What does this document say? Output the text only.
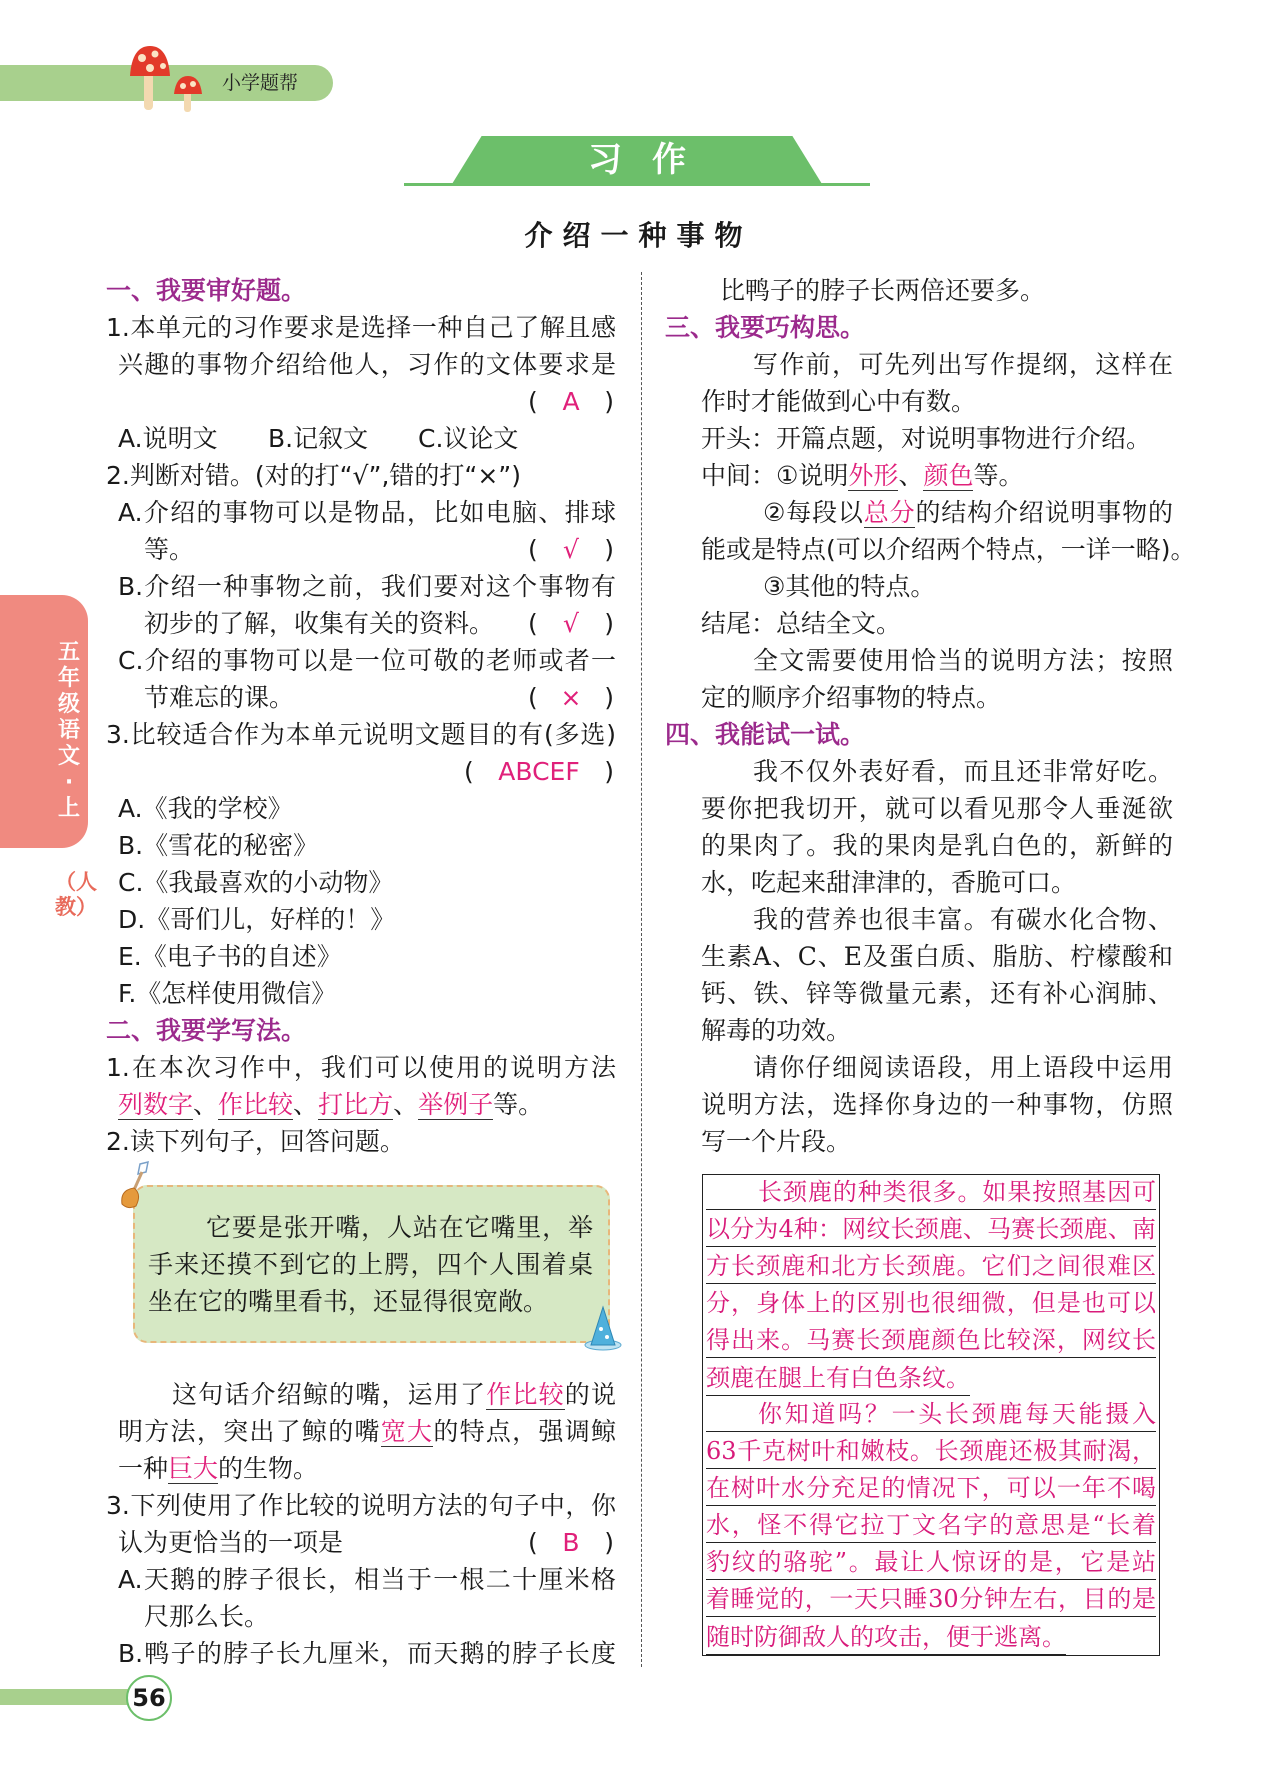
小学题帮
习作
介绍一种事物
五年级语文·上
（人教）
一、我要审好题。
1.本单元的习作要求是选择一种自己了解且感
兴趣的事物介绍给他人，习作的文体要求是
( A )
A.说明文 B.记叙文 C.议论文
2.判断对错。(对的打“√”,错的打“×”)
A.介绍的事物可以是物品，比如电脑、排球
等。	( √ )
B.介绍一种事物之前，我们要对这个事物有
初步的了解，收集有关的资料。 ( √ )
C.介绍的事物可以是一位可敬的老师或者一
节难忘的课。	( × )
3.比较适合作为本单元说明文题目的有(多选)
( ABCEF )
A.《我的学校》
B.《雪花的秘密》
C.《我最喜欢的小动物》
D.《哥们儿，好样的！》
E.《电子书的自述》
F.《怎样使用微信》
二、我要学写法。
1.在本次习作中，我们可以使用的说明方法
列数字、作比较、打比方、举例子等。
2.读下列句子，回答问题。
它要是张开嘴，人站在它嘴里，举
手来还摸不到它的上腭，四个人围着桌
坐在它的嘴里看书，还显得很宽敞。
这句话介绍鲸的嘴，运用了作比较的说
明方法，突出了鲸的嘴宽大的特点，强调鲸
一种巨大的生物。
3.下列使用了作比较的说明方法的句子中，你
认为更恰当的一项是	( B )
A.天鹅的脖子很长，相当于一根二十厘米格
尺那么长。
B.鸭子的脖子长九厘米，而天鹅的脖子长度
比鸭子的脖子长两倍还要多。
三、我要巧构思。
写作前，可先列出写作提纲，这样在
作时才能做到心中有数。
开头：开篇点题，对说明事物进行介绍。
中间：①说明外形、颜色等。
②每段以总分的结构介绍说明事物的
能或是特点(可以介绍两个特点，一详一略)。
③其他的特点。
结尾：总结全文。
全文需要使用恰当的说明方法；按照
定的顺序介绍事物的特点。
四、我能试一试。
我不仅外表好看，而且还非常好吃。
要你把我切开，就可以看见那令人垂涎欲
的果肉了。我的果肉是乳白色的，新鲜的
水，吃起来甜津津的，香脆可口。
我的营养也很丰富。有碳水化合物、
生素A、C、E及蛋白质、脂肪、柠檬酸和
钙、铁、锌等微量元素，还有补心润肺、
解毒的功效。
请你仔细阅读语段，用上语段中运用
说明方法，选择你身边的一种事物，仿照
写一个片段。
长颈鹿的种类很多。如果按照基因可
以分为4种：网纹长颈鹿、马赛长颈鹿、南
方长颈鹿和北方长颈鹿。它们之间很难区
分，身体上的区别也很细微，但是也可以
得出来。马赛长颈鹿颜色比较深，网纹长
颈鹿在腿上有白色条纹。
你知道吗？一头长颈鹿每天能摄入
63千克树叶和嫩枝。长颈鹿还极其耐渴，
在树叶水分充足的情况下，可以一年不喝
水，怪不得它拉丁文名字的意思是“长着
豹纹的骆驼”。最让人惊讶的是，它是站
着睡觉的，一天只睡30分钟左右，目的是
随时防御敌人的攻击，便于逃离。
56
